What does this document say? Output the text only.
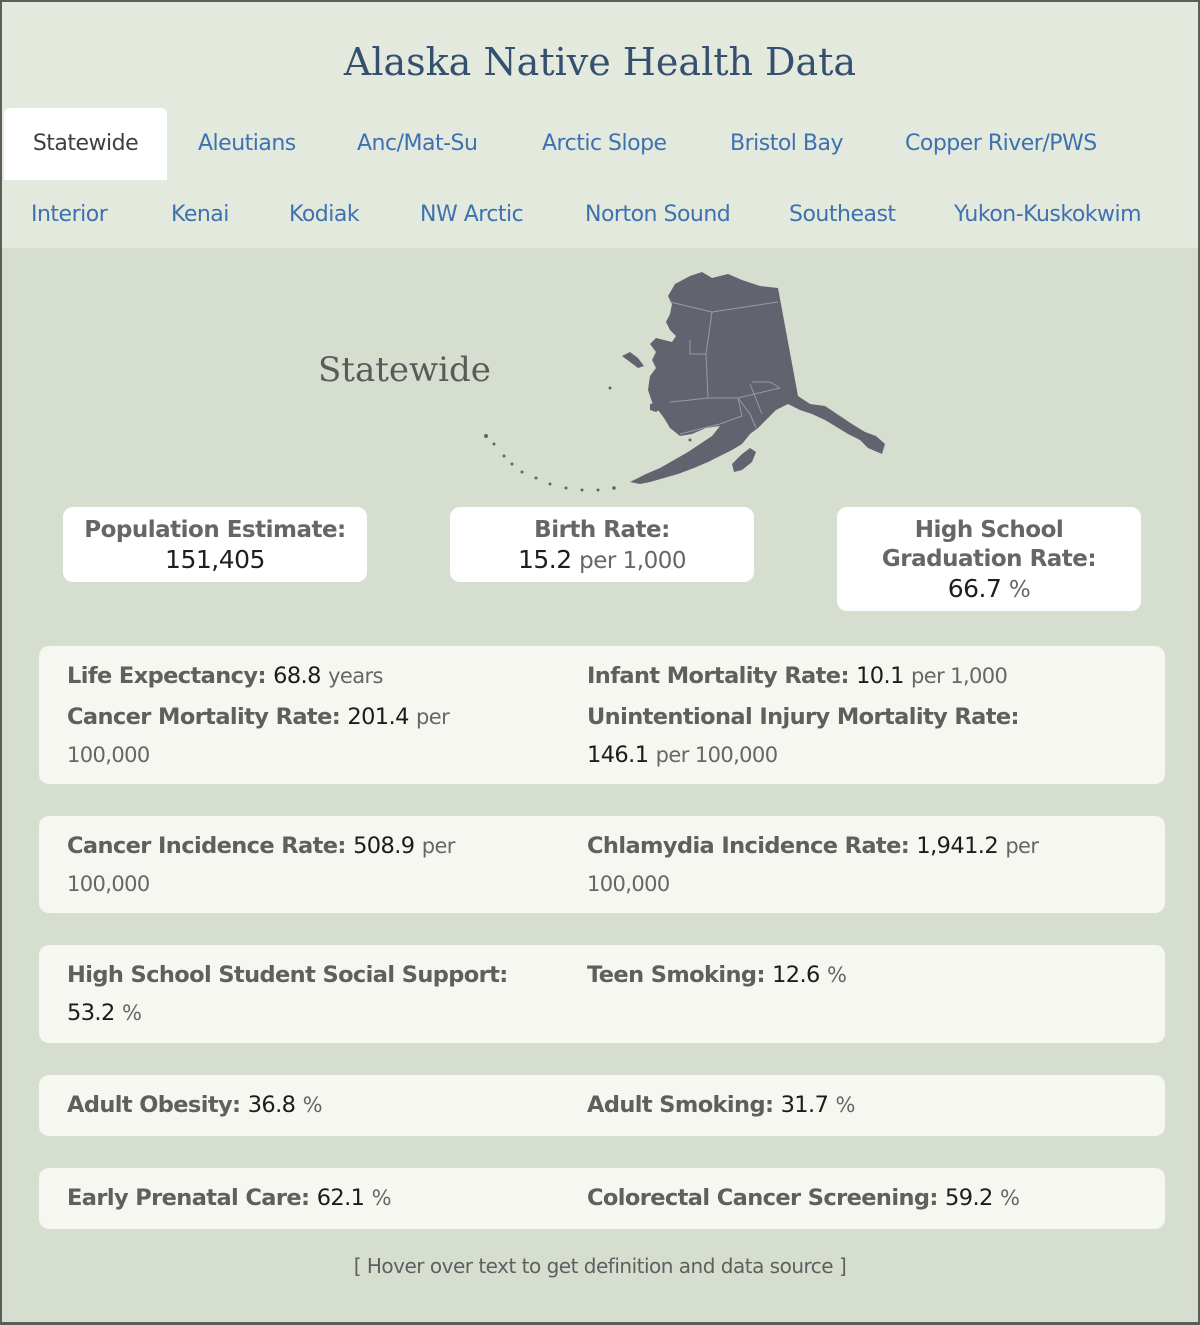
Alaska Native Health Data
Statewide	Aleutians	Anc/Mat-Su	Arctic Slope	Bristol Bay	Copper River/PWS
Interior	Kenai	Kodiak	NW Arctic	Norton Sound	Southeast	Yukon-Kuskokwim
Statewide
Population Estimate:
151,405
Birth Rate:
15.2 per 1,000
High School
Graduation Rate:
66.7 %
Life Expectancy: 68.8 years	Infant Mortality Rate: 10.1 per 1,000
Cancer Mortality Rate: 201.4 per
100,000
Unintentional Injury Mortality Rate:
146.1 per 100,000
Cancer Incidence Rate: 508.9 per
100,000
Chlamydia Incidence Rate: 1,941.2 per
100,000
High School Student Social Support:
53.2 %
Teen Smoking: 12.6 %
Adult Obesity: 36.8 %	Adult Smoking: 31.7 %
Early Prenatal Care: 62.1 %	Colorectal Cancer Screening: 59.2 %
[ Hover over text to get definition and data source ]
